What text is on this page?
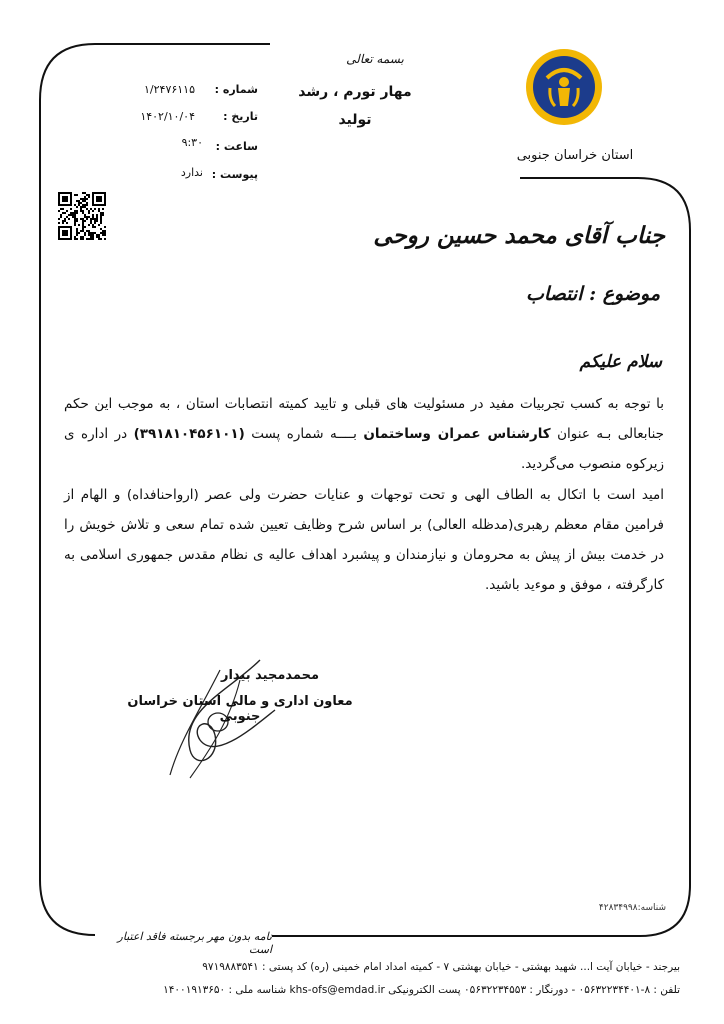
استان خراسان جنوبی
بسمه تعالی
مهار تورم ، رشد
تولید
شماره :
۱/۲۴۷۶۱۱۵
تاریخ :
۱۴۰۲/۱۰/۰۴
ساعت :
۹:۳۰
پیوست :
ندارد
جناب آقای محمد حسین روحی
موضوع : انتصاب
سلام علیکم
با توجه به کسب تجربیات مفید در مسئولیت های قبلی و تایید کمیته انتصابات استان ، به موجب این حکم جنابعالی بـه عنوان کارشناس عمران وساختمان بــــه شماره پست (۳۹۱۸۱۰۴۵۶۱۰۱) در اداره ی زیرکوه منصوب می‌گردید.
امید است با اتکال به الطاف الهی و تحت توجهات و عنایات حضرت ولی عصر (ارواحنافداه) و الهام از فرامین مقام معظم رهبری(مدظله العالی) بر اساس شرح وظایف تعیین شده تمام سعی و تلاش خویش را در خدمت بیش از پیش به محرومان و نیازمندان و پیشبرد اهداف عالیه ی نظام مقدس جمهوری اسلامی به کارگرفته ، موفق و موءید باشید.
محمدمجید بیدار
معاون اداری و مالی استان خراسان جنوبی
شناسه:۴۲۸۳۴۹۹۸
نامه بدون مهر برجسته فاقد اعتبار است
بیرجند - خیابان آیت ا... شهید بهشتی - خیابان بهشتی ۷ - کمیته امداد امام خمینی (ره) کد پستی : ۹۷۱۹۸۸۳۵۴۱
تلفن : ۸-۰۵۶۳۲۲۳۴۴۰۱ - دورنگار : ۰۵۶۳۲۲۳۴۵۵۳ پست الکترونیکی khs-ofs@emdad.ir شناسه ملی : ۱۴۰۰۱۹۱۳۶۵۰
